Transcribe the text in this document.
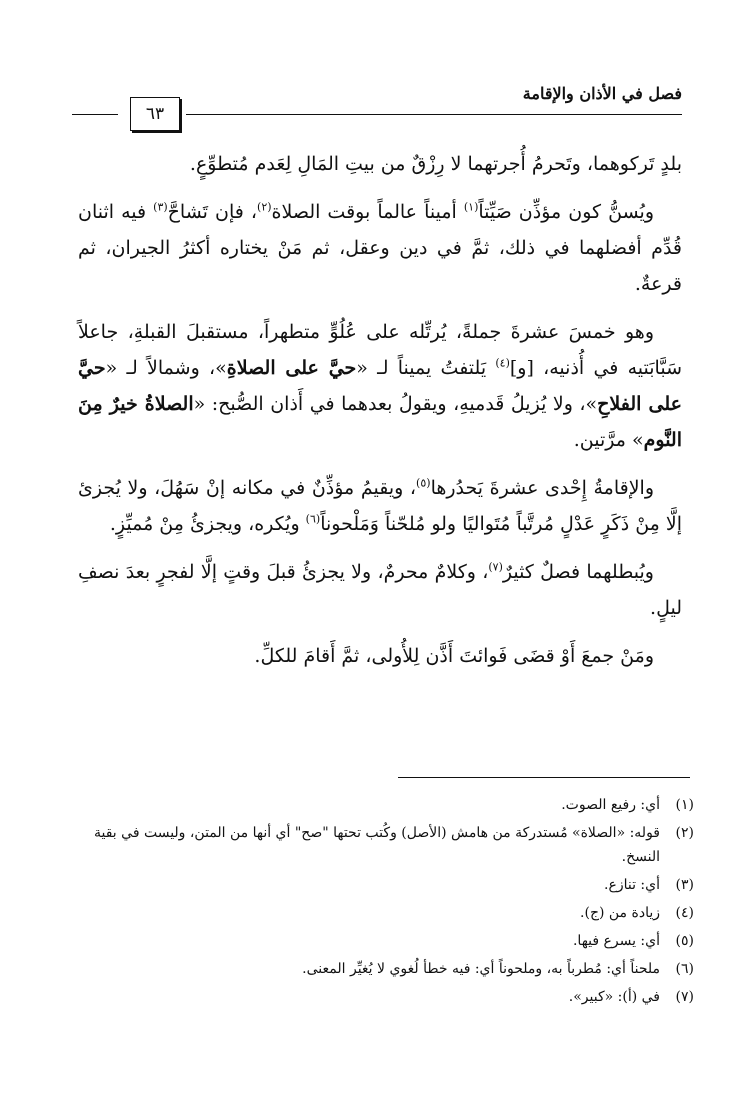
فصل في الأذان والإقامة
٦٣

بلدٍ تَركوهما، وتَحرمُ أُجرتهما لا رِزْقٌ من بيتِ المَالِ لِعَدم مُتطوِّعٍ.

ويُسنُّ كون مؤذِّن صَيِّتاً$^{(١)}$ أميناً عالماً بوقت الصلاة$^{(٢)}$، فإن تَشاحَّ$^{(٣)}$ فيه اثنان قُدِّم أفضلهما في ذلك، ثمَّ في دين وعقل، ثم مَنْ يختاره أكثرُ الجيران، ثم قرعةٌ.

وهو خمسَ عشرةَ جملةً، يُرتِّله على عُلُوٍّ متطهراً، مستقبلَ القبلةِ، جاعلاً سَبَّابَتيه في أُذنيه، [و]$^{(٤)}$ يَلتفتُ يميناً لـ «حيَّ على الصلاةِ»، وشمالاً لـ «حيَّ على الفلاحِ»، ولا يُزيلُ قَدميهِ، ويقولُ بعدهما في أَذان الصُّبح: «الصلاةُ خيرٌ مِنَ النَّوم» مرَّتين.

والإقامةُ إِحْدى عشرةَ يَحدُرها$^{(٥)}$، ويقيمُ مؤذِّنٌ في مكانه إنْ سَهُلَ، ولا يُجزئ إلَّا مِنْ ذَكَرٍ عَدْلٍ مُرتَّباً مُتَواليًا ولو مُلحّناً وَمَلْحوناً$^{(٦)}$ ويُكره، ويجزئُ مِنْ مُميِّزٍ.

ويُبطلهما فصلٌ كثيرٌ$^{(٧)}$، وكلامٌ محرمٌ، ولا يجزئُ قبلَ وقتٍ إلَّا لفجرٍ بعدَ نصفِ ليلٍ.

ومَنْ جمعَ أَوْ قضَى فَوائتَ أَذَّن لِلأُولى، ثمَّ أَقامَ للكلِّ.

(١)
أي: رفيع الصوت.
(٢)
قوله: «الصلاة» مُستدركة من هامش (الأصل) وكُتب تحتها "صح" أي أنها من المتن، وليست في بقية النسخ.
(٣)
أي: تنازع.
(٤)
زيادة من (ج).
(٥)
أي: يسرع فيها.
(٦)
ملحناً أي: مُطرباً به، وملحوناً أي: فيه خطأ لُغوي لا يُغيِّر المعنى.
(٧)
في (أ): «كبير».
